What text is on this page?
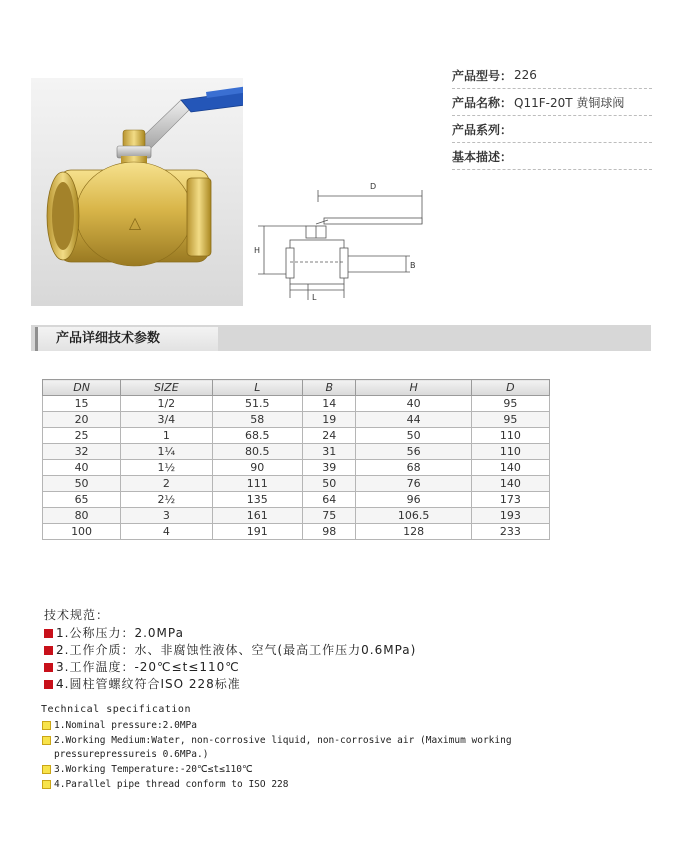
△
D
H
B
L
产品型号： 226
产品名称： Q11F-20T 黄铜球阀
产品系列：
基本描述：
产品详细技术参数
DN	SIZE	L	B	H	D
15	1/2	51.5	14	40	95
20	3/4	58	19	44	95
25	1	68.5	24	50	110
32	1¼	80.5	31	56	110
40	1½	90	39	68	140
50	2	111	50	76	140
65	2½	135	64	96	173
80	3	161	75	106.5	193
100	4	191	98	128	233
技术规范：
1.公称压力：2.0MPa
2.工作介质：水、非腐蚀性液体、空气(最高工作压力0.6MPa)
3.工作温度：-20℃≤t≤110℃
4.圆柱管螺纹符合ISO 228标准
Technical specification
1.Nominal pressure:2.0MPa
2.Working Medium:Water, non-corrosive liquid, non-corrosive air (Maximum working
pressurepressureis 0.6MPa.)
3.Working Temperature:-20℃≤t≤110℃
4.Parallel pipe thread conform to ISO 228
